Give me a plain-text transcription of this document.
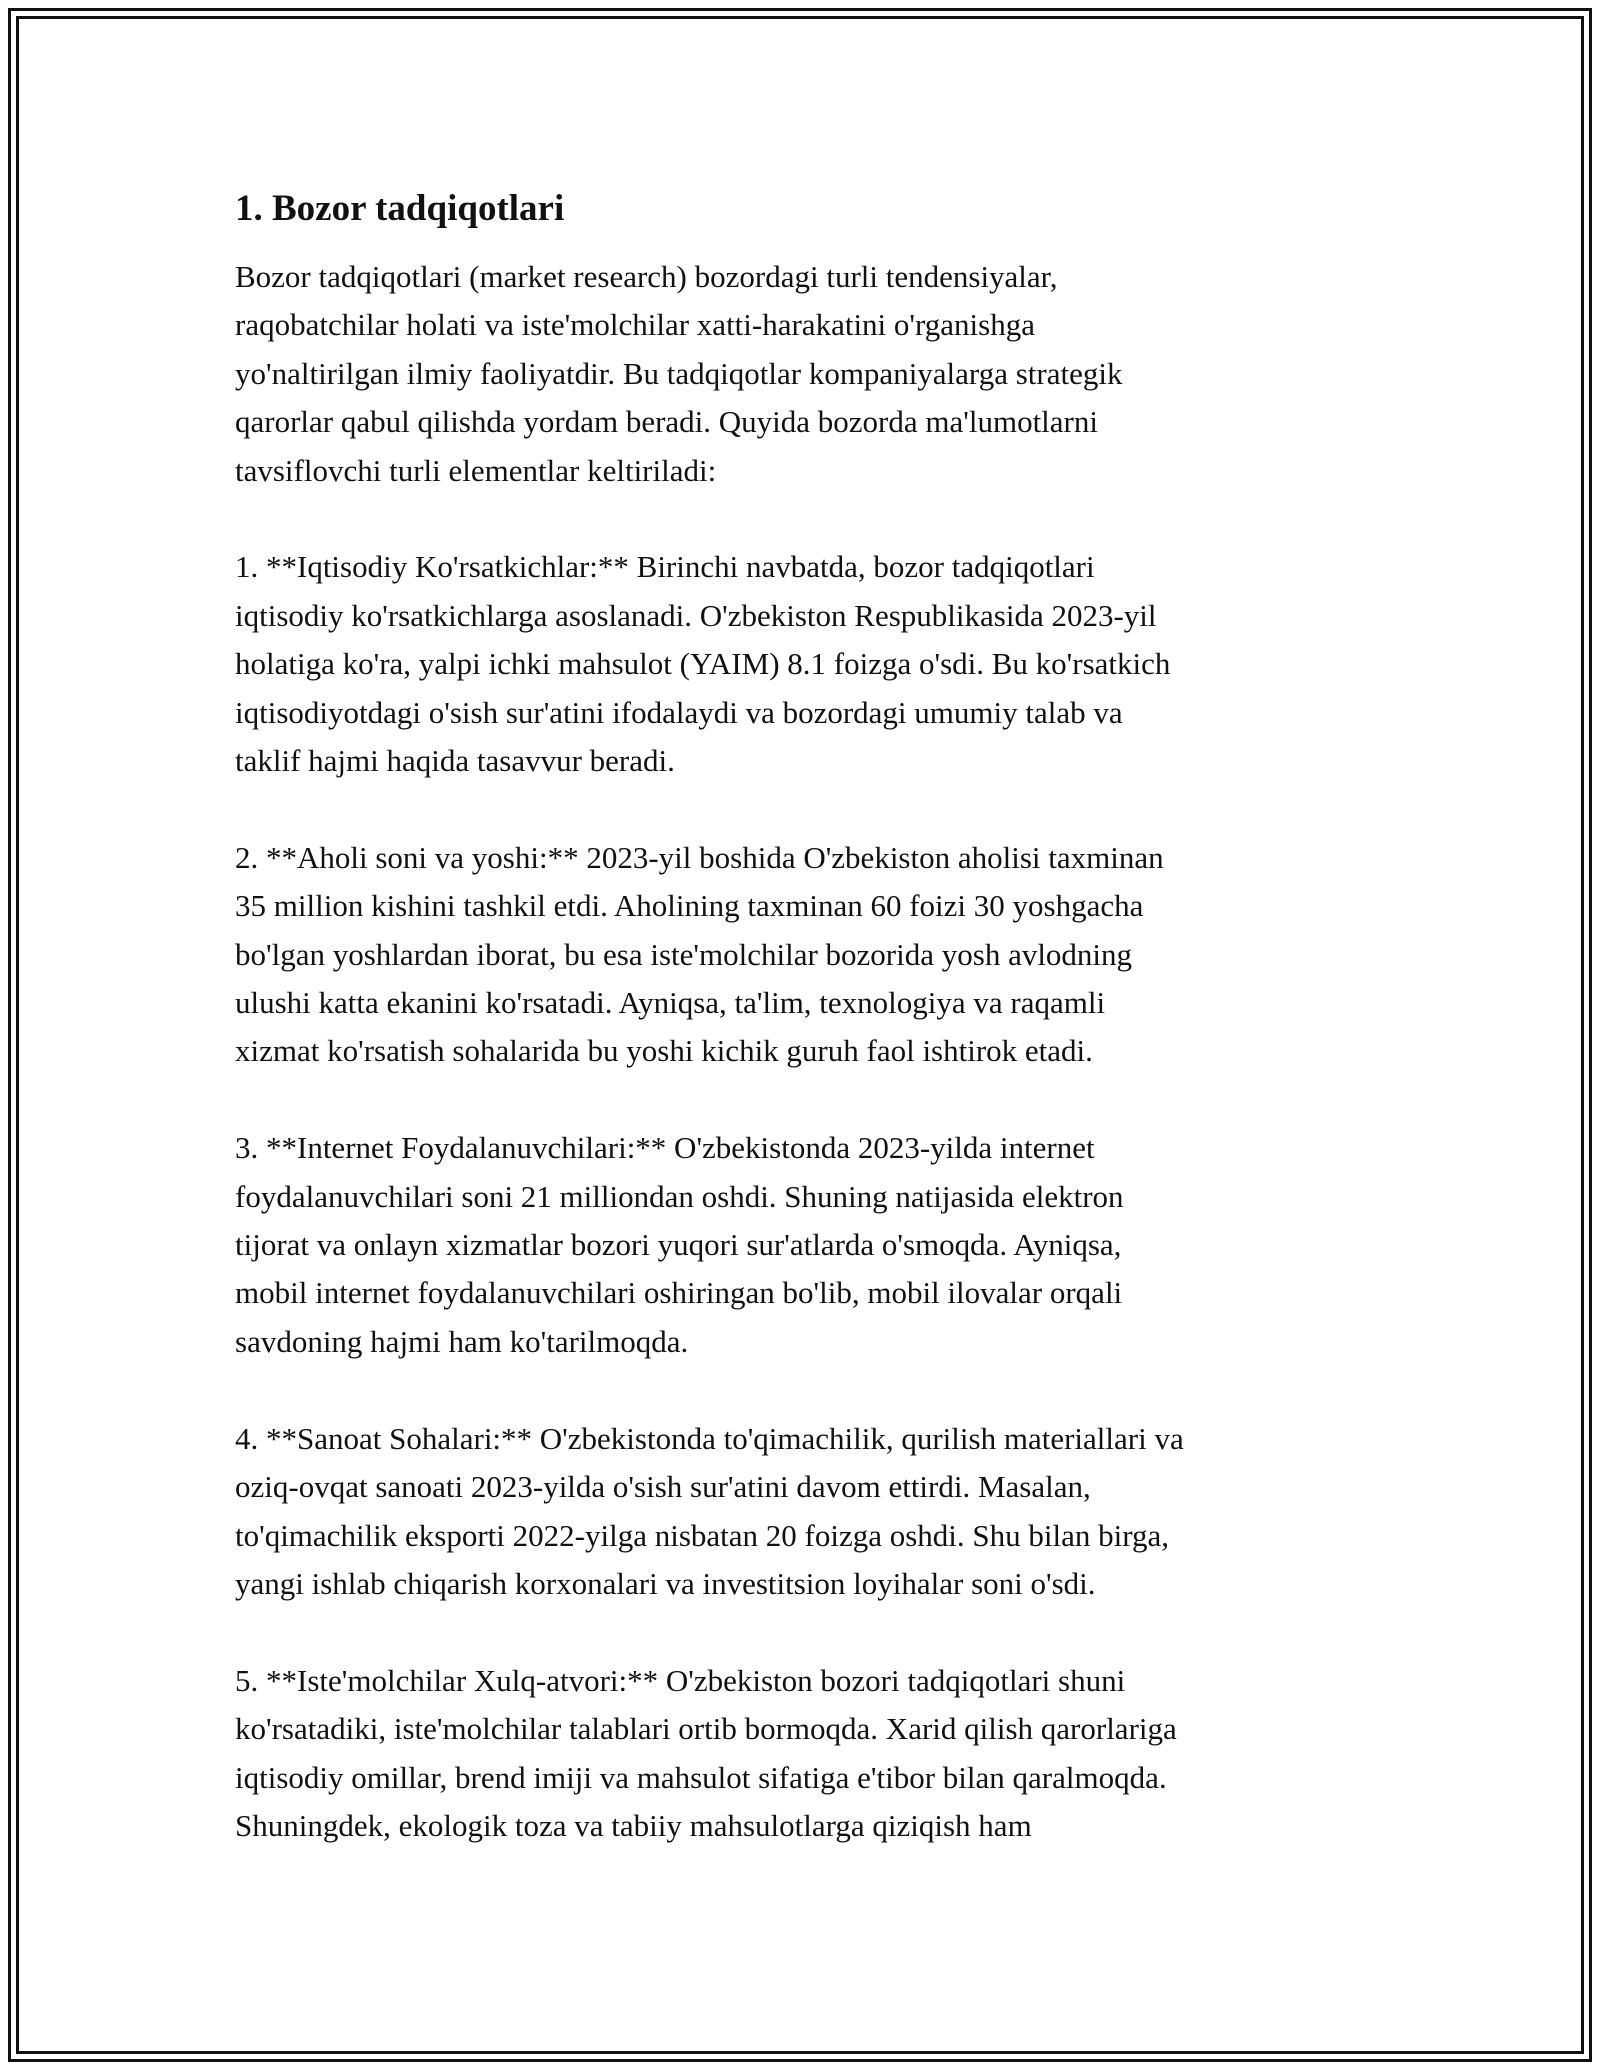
1. Bozor tadqiqotlari

Bozor tadqiqotlari (market research) bozordagi turli tendensiyalar,
raqobatchilar holati va iste'molchilar xatti-harakatini o'rganishga
yo'naltirilgan ilmiy faoliyatdir. Bu tadqiqotlar kompaniyalarga strategik
qarorlar qabul qilishda yordam beradi. Quyida bozorda ma'lumotlarni
tavsiflovchi turli elementlar keltiriladi:

1. **Iqtisodiy Ko'rsatkichlar:** Birinchi navbatda, bozor tadqiqotlari
iqtisodiy ko'rsatkichlarga asoslanadi. O'zbekiston Respublikasida 2023-yil
holatiga ko'ra, yalpi ichki mahsulot (YAIM) 8.1 foizga o'sdi. Bu ko'rsatkich
iqtisodiyotdagi o'sish sur'atini ifodalaydi va bozordagi umumiy talab va
taklif hajmi haqida tasavvur beradi.

2. **Aholi soni va yoshi:** 2023-yil boshida O'zbekiston aholisi taxminan
35 million kishini tashkil etdi. Aholining taxminan 60 foizi 30 yoshgacha
bo'lgan yoshlardan iborat, bu esa iste'molchilar bozorida yosh avlodning
ulushi katta ekanini ko'rsatadi. Ayniqsa, ta'lim, texnologiya va raqamli
xizmat ko'rsatish sohalarida bu yoshi kichik guruh faol ishtirok etadi.

3. **Internet Foydalanuvchilari:** O'zbekistonda 2023-yilda internet
foydalanuvchilari soni 21 milliondan oshdi. Shuning natijasida elektron
tijorat va onlayn xizmatlar bozori yuqori sur'atlarda o'smoqda. Ayniqsa,
mobil internet foydalanuvchilari oshiringan bo'lib, mobil ilovalar orqali
savdoning hajmi ham ko'tarilmoqda.

4. **Sanoat Sohalari:** O'zbekistonda to'qimachilik, qurilish materiallari va
oziq-ovqat sanoati 2023-yilda o'sish sur'atini davom ettirdi. Masalan,
to'qimachilik eksporti 2022-yilga nisbatan 20 foizga oshdi. Shu bilan birga,
yangi ishlab chiqarish korxonalari va investitsion loyihalar soni o'sdi.

5. **Iste'molchilar Xulq-atvori:** O'zbekiston bozori tadqiqotlari shuni
ko'rsatadiki, iste'molchilar talablari ortib bormoqda. Xarid qilish qarorlariga
iqtisodiy omillar, brend imiji va mahsulot sifatiga e'tibor bilan qaralmoqda.
Shuningdek, ekologik toza va tabiiy mahsulotlarga qiziqish ham
